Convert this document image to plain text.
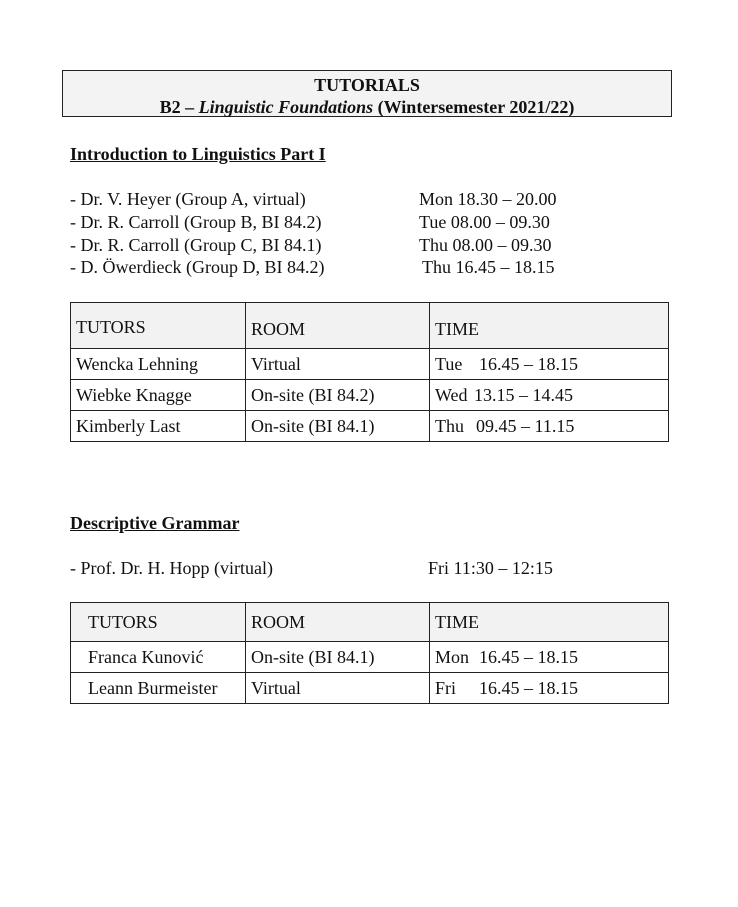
TUTORIALS
B2 – Linguistic Foundations (Wintersemester 2021/22)
Introduction to Linguistics Part I
- Dr. V. Heyer (Group A, virtual)	Mon 18.30 – 20.00
- Dr. R. Carroll (Group B, BI 84.2)	Tue 08.00 – 09.30
- Dr. R. Carroll (Group C, BI 84.1)	Thu 08.00 – 09.30
- D. Öwerdieck (Group D, BI 84.2)	Thu 16.45 – 18.15
TUTORS	ROOM	TIME
Wencka Lehning	Virtual	Tue 16.45 – 18.15
Wiebke Knagge	On-site (BI 84.2)	Wed 13.15 – 14.45
Kimberly Last	On-site (BI 84.1)	Thu 09.45 – 11.15
Descriptive Grammar
- Prof. Dr. H. Hopp (virtual)	Fri 11:30 – 12:15
TUTORS	ROOM	TIME
Franca Kunović	On-site (BI 84.1)	Mon 16.45 – 18.15
Leann Burmeister	Virtual	Fri 16.45 – 18.15
